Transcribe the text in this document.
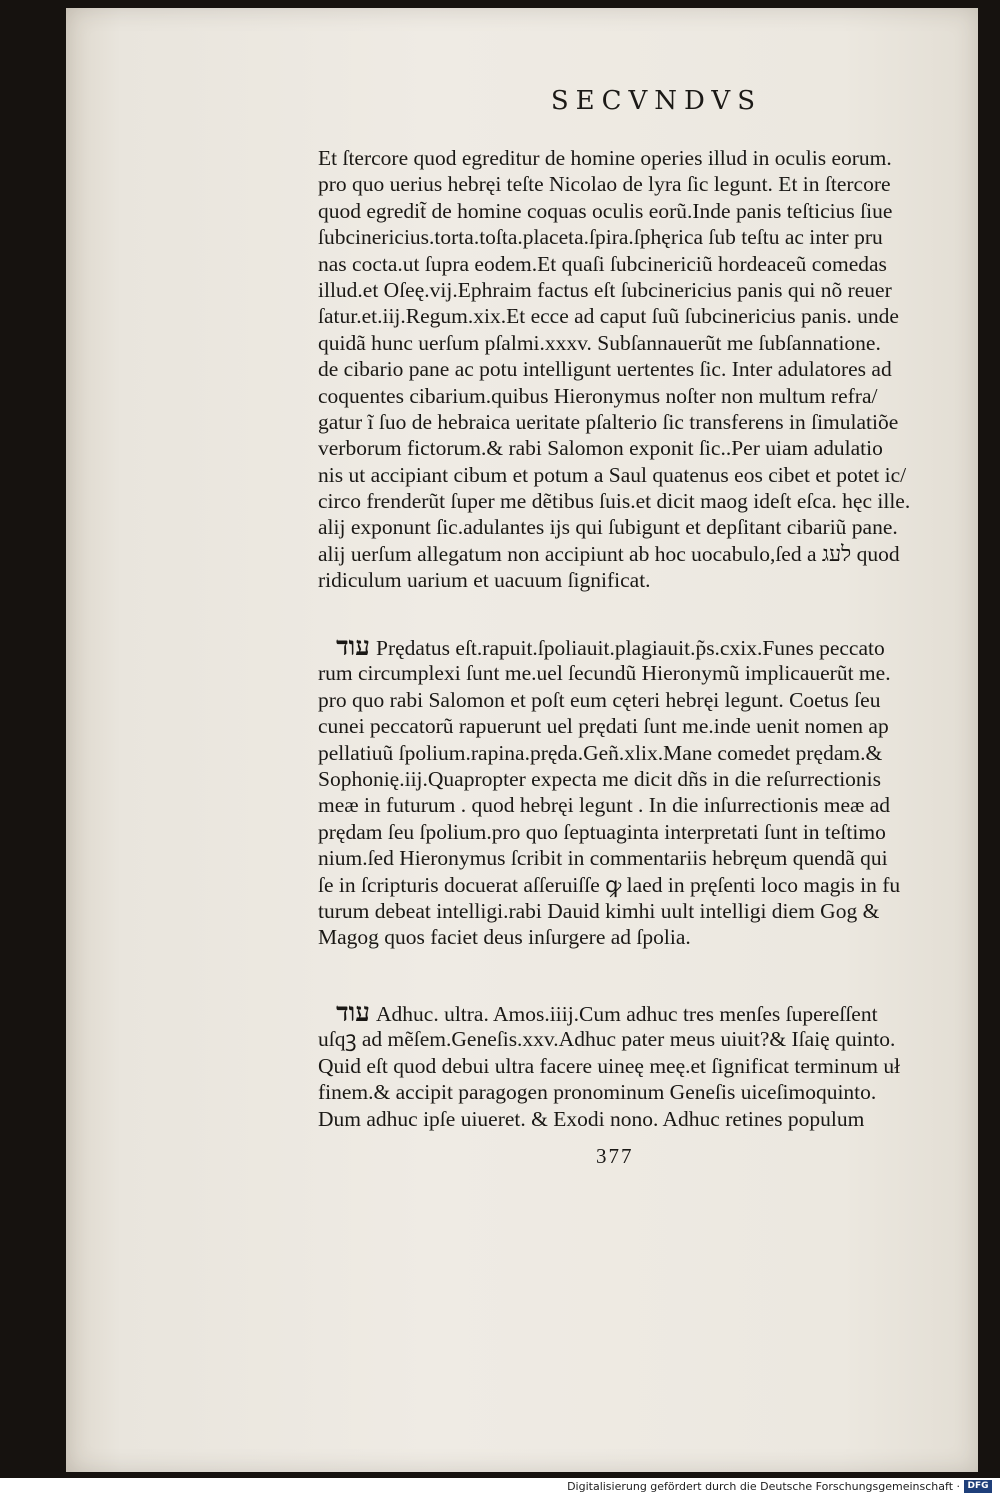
SECVNDVS
Et ſtercore quod egreditur de homine operies illud in oculis eorum.
pro quo uerius hebręi teſte Nicolao de lyra ſic legunt. Et in ſtercore
quod egredit̃ de homine coquas oculis eorũ.Inde panis teſticius ſiue
ſubcinericius.torta.toſta.placeta.ſpira.ſphęrica ſub teſtu ac inter pru
nas cocta.ut ſupra eodem.Et quaſi ſubcinericiũ hordeaceũ comedas
illud.et Oſeę.vij.Ephraim factus eſt ſubcinericius panis qui nõ reuer
ſatur.et.iij.Regum.xix.Et ecce ad caput ſuũ ſubcinericius panis. unde
quidã hunc uerſum pſalmi.xxxv. Subſannauerũt me ſubſannatione.
de cibario pane ac potu intelligunt uertentes ſic. Inter adulatores ad
coquentes cibarium.quibus Hieronymus noſter non multum refra/
gatur ĩ ſuo de hebraica ueritate pſalterio ſic transferens in ſimulatiõe
verborum fictorum.& rabi Salomon exponit ſic..Per uiam adulatio
nis ut accipiant cibum et potum a Saul quatenus eos cibet et potet ic/
circo frenderũt ſuper me dẽtibus ſuis.et dicit maog ideſt eſca. hęc ille.
alij exponunt ſic.adulantes ijs qui ſubigunt et depſitant cibariũ pane.
alij uerſum allegatum non accipiunt ab hoc uocabulo,ſed a לעג quod
ridiculum uarium et uacuum ſignificat.
עוד Prędatus eſt.rapuit.ſpoliauit.plagiauit.p̃s.cxix.Funes peccato
rum circumplexi ſunt me.uel ſecundũ Hieronymũ implicauerũt me.
pro quo rabi Salomon et poſt eum cęteri hebręi legunt. Coetus ſeu
cunei peccatorũ rapuerunt uel prędati ſunt me.inde uenit nomen ap
pellatiuũ ſpolium.rapina.pręda.Geñ.xlix.Mane comedet prędam.&
Sophonię.iij.Quapropter expecta me dicit dñs in die reſurrectionis
meæ in futurum . quod hebręi legunt . In die inſurrectionis meæ ad
prędam ſeu ſpolium.pro quo ſeptuaginta interpretati ſunt in teſtimo
nium.ſed Hieronymus ſcribit in commentariis hebręum quendã qui
ſe in ſcripturis docuerat aſſeruiſſe ꝙ laed in pręſenti loco magis in fu
turum debeat intelligi.rabi Dauid kimhi uult intelligi diem Gog &
Magog quos faciet deus inſurgere ad ſpolia.
עוד Adhuc. ultra. Amos.iiij.Cum adhuc tres menſes ſupereſſent
uſqꝫ ad mẽſem.Geneſis.xxv.Adhuc pater meus uiuit?& Iſaię quinto.
Quid eſt quod debui ultra facere uineę meę.et ſignificat terminum uł
finem.& accipit paragogen pronominum Geneſis uiceſimoquinto.
Dum adhuc ipſe uiueret. & Exodi nono. Adhuc retines populum
377
Digitalisierung gefördert durch die Deutsche Forschungsgemeinschaft · DFG
